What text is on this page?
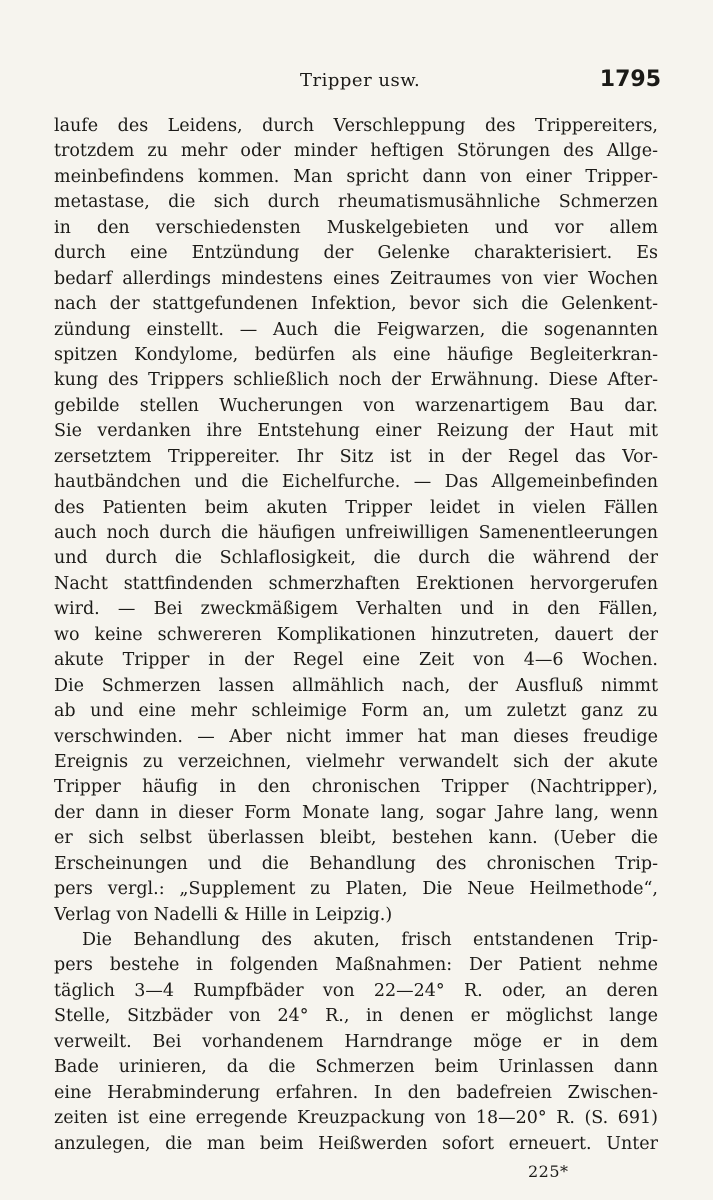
Tripper usw.	1795
laufe des Leidens, durch Verschleppung des Trippereiters,
trotzdem zu mehr oder minder heftigen Störungen des Allge-
meinbefindens kommen. Man spricht dann von einer Tripper-
metastase, die sich durch rheumatismusähnliche Schmerzen
in den verschiedensten Muskelgebieten und vor allem
durch eine Entzündung der Gelenke charakterisiert. Es
bedarf allerdings mindestens eines Zeitraumes von vier Wochen
nach der stattgefundenen Infektion, bevor sich die Gelenkent-
zündung einstellt. — Auch die Feigwarzen, die sogenannten
spitzen Kondylome, bedürfen als eine häufige Begleiterkran-
kung des Trippers schließlich noch der Erwähnung. Diese After-
gebilde stellen Wucherungen von warzenartigem Bau dar.
Sie verdanken ihre Entstehung einer Reizung der Haut mit
zersetztem Trippereiter. Ihr Sitz ist in der Regel das Vor-
hautbändchen und die Eichelfurche. — Das Allgemeinbefinden
des Patienten beim akuten Tripper leidet in vielen Fällen
auch noch durch die häufigen unfreiwilligen Samenentleerungen
und durch die Schlaflosigkeit, die durch die während der
Nacht stattfindenden schmerzhaften Erektionen hervorgerufen
wird. — Bei zweckmäßigem Verhalten und in den Fällen,
wo keine schwereren Komplikationen hinzutreten, dauert der
akute Tripper in der Regel eine Zeit von 4—6 Wochen.
Die Schmerzen lassen allmählich nach, der Ausfluß nimmt
ab und eine mehr schleimige Form an, um zuletzt ganz zu
verschwinden. — Aber nicht immer hat man dieses freudige
Ereignis zu verzeichnen, vielmehr verwandelt sich der akute
Tripper häufig in den chronischen Tripper (Nachtripper),
der dann in dieser Form Monate lang, sogar Jahre lang, wenn
er sich selbst überlassen bleibt, bestehen kann. (Ueber die
Erscheinungen und die Behandlung des chronischen Trip-
pers vergl.: „Supplement zu Platen, Die Neue Heilmethode“,
Verlag von Nadelli & Hille in Leipzig.)
Die Behandlung des akuten, frisch entstandenen Trip-
pers bestehe in folgenden Maßnahmen: Der Patient nehme
täglich 3—4 Rumpfbäder von 22—24° R. oder, an deren
Stelle, Sitzbäder von 24° R., in denen er möglichst lange
verweilt. Bei vorhandenem Harndrange möge er in dem
Bade urinieren, da die Schmerzen beim Urinlassen dann
eine Herabminderung erfahren. In den badefreien Zwischen-
zeiten ist eine erregende Kreuzpackung von 18—20° R. (S. 691)
anzulegen, die man beim Heißwerden sofort erneuert. Unter
225*
